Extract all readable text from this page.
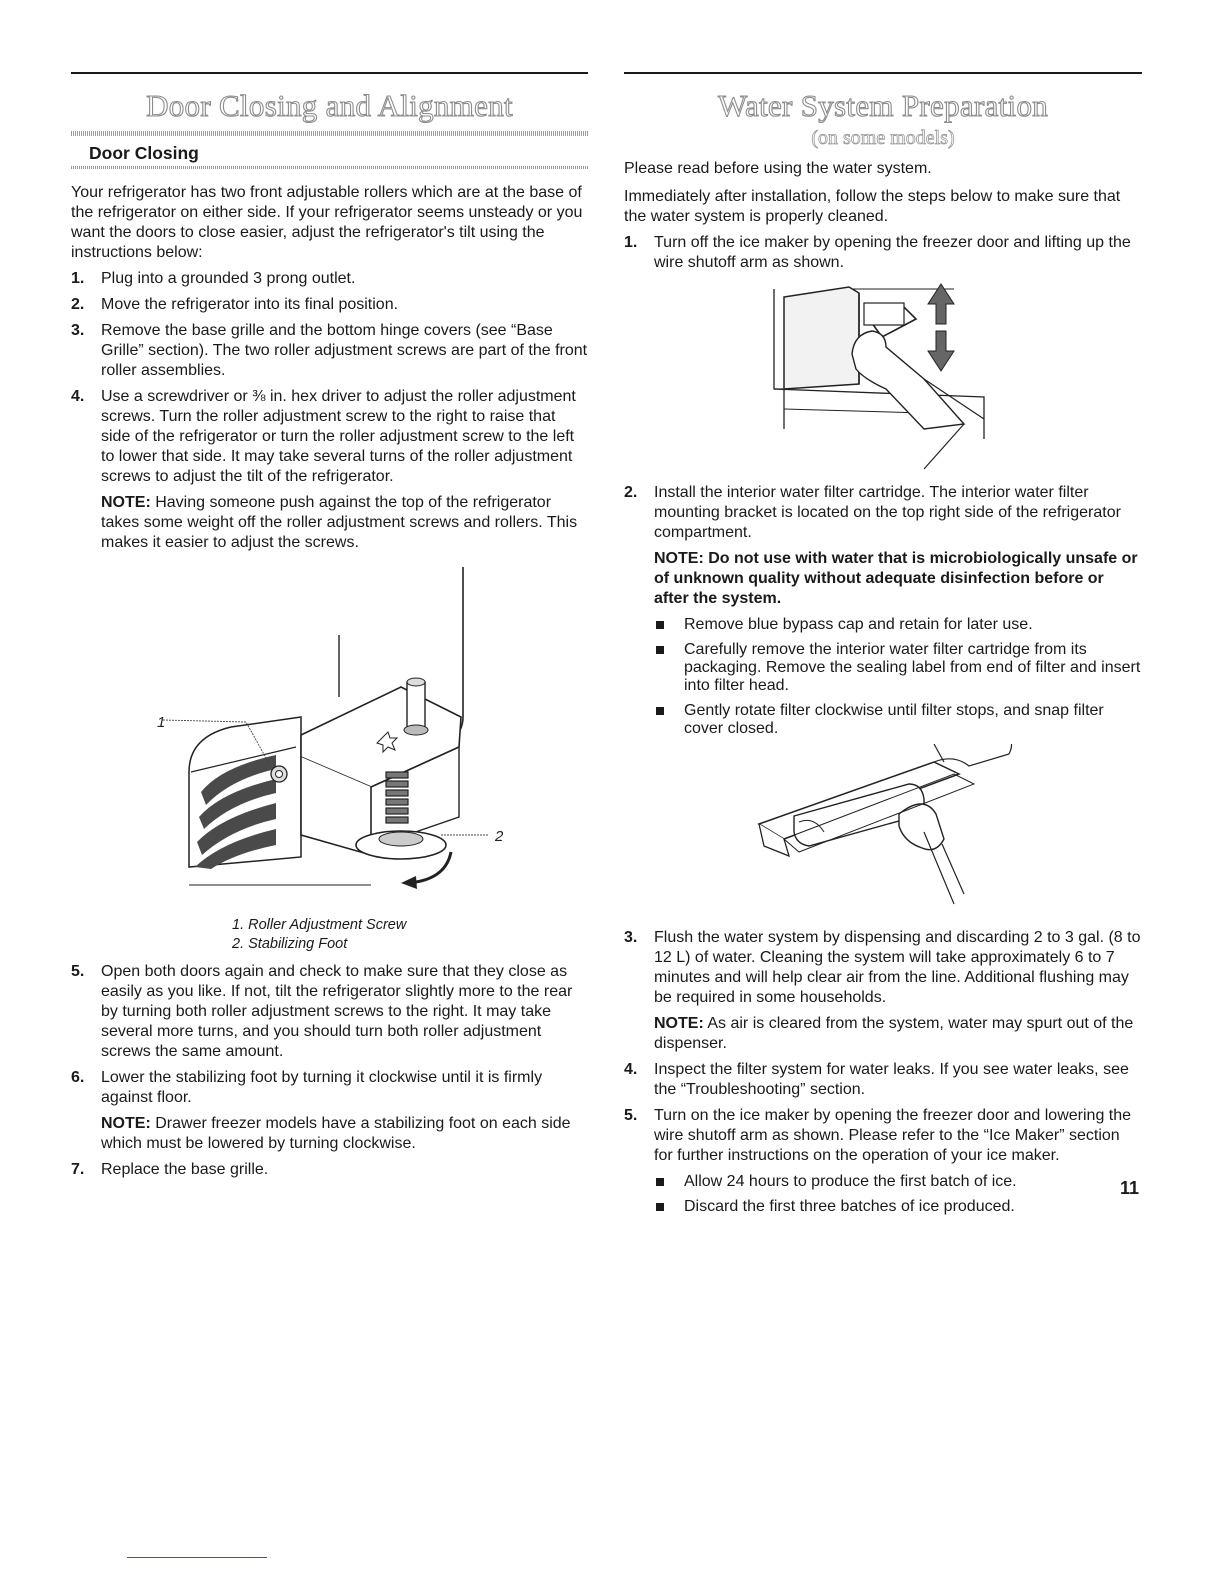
Door Closing and Alignment
Door Closing

Your refrigerator has two front adjustable rollers which are at the base of the refrigerator on either side. If your refrigerator seems unsteady or you want the doors to close easier, adjust the refrigerator's tilt using the instructions below:

1. Plug into a grounded 3 prong outlet.
2. Move the refrigerator into its final position.
3. Remove the base grille and the bottom hinge covers (see “Base Grille” section). The two roller adjustment screws are part of the front roller assemblies.
4. Use a screwdriver or ⅜ in. hex driver to adjust the roller adjustment screws. Turn the roller adjustment screw to the right to raise that side of the refrigerator or turn the roller adjustment screw to the left to lower that side. It may take several turns of the roller adjustment screws to adjust the tilt of the refrigerator.

NOTE: Having someone push against the top of the refrigerator takes some weight off the roller adjustment screws and rollers. This makes it easier to adjust the screws.

1
2
1. Roller Adjustment Screw
2. Stabilizing Foot
5. Open both doors again and check to make sure that they close as easily as you like. If not, tilt the refrigerator slightly more to the rear by turning both roller adjustment screws to the right. It may take several more turns, and you should turn both roller adjustment screws the same amount.
6. Lower the stabilizing foot by turning it clockwise until it is firmly against floor.

NOTE: Drawer freezer models have a stabilizing foot on each side which must be lowered by turning clockwise.

7. Replace the base grille.
Water System Preparation
(on some models)

Please read before using the water system.

Immediately after installation, follow the steps below to make sure that the water system is properly cleaned.

1. Turn off the ice maker by opening the freezer door and lifting up the wire shutoff arm as shown.
2. Install the interior water filter cartridge. The interior water filter mounting bracket is located on the top right side of the refrigerator compartment.

NOTE: Do not use with water that is microbiologically unsafe or of unknown quality without adequate disinfection before or after the system.

Remove blue bypass cap and retain for later use.
Carefully remove the interior water filter cartridge from its packaging. Remove the sealing label from end of filter and insert into filter head.
Gently rotate filter clockwise until filter stops, and snap filter cover closed.
3. Flush the water system by dispensing and discarding 2 to 3 gal. (8 to 12 L) of water. Cleaning the system will take approximately 6 to 7 minutes and will help clear air from the line. Additional flushing may be required in some households.

NOTE: As air is cleared from the system, water may spurt out of the dispenser.

4. Inspect the filter system for water leaks. If you see water leaks, see the “Troubleshooting” section.
5. Turn on the ice maker by opening the freezer door and lowering the wire shutoff arm as shown. Please refer to the “Ice Maker” section for further instructions on the operation of your ice maker.
Allow 24 hours to produce the first batch of ice.
Discard the first three batches of ice produced.
11
